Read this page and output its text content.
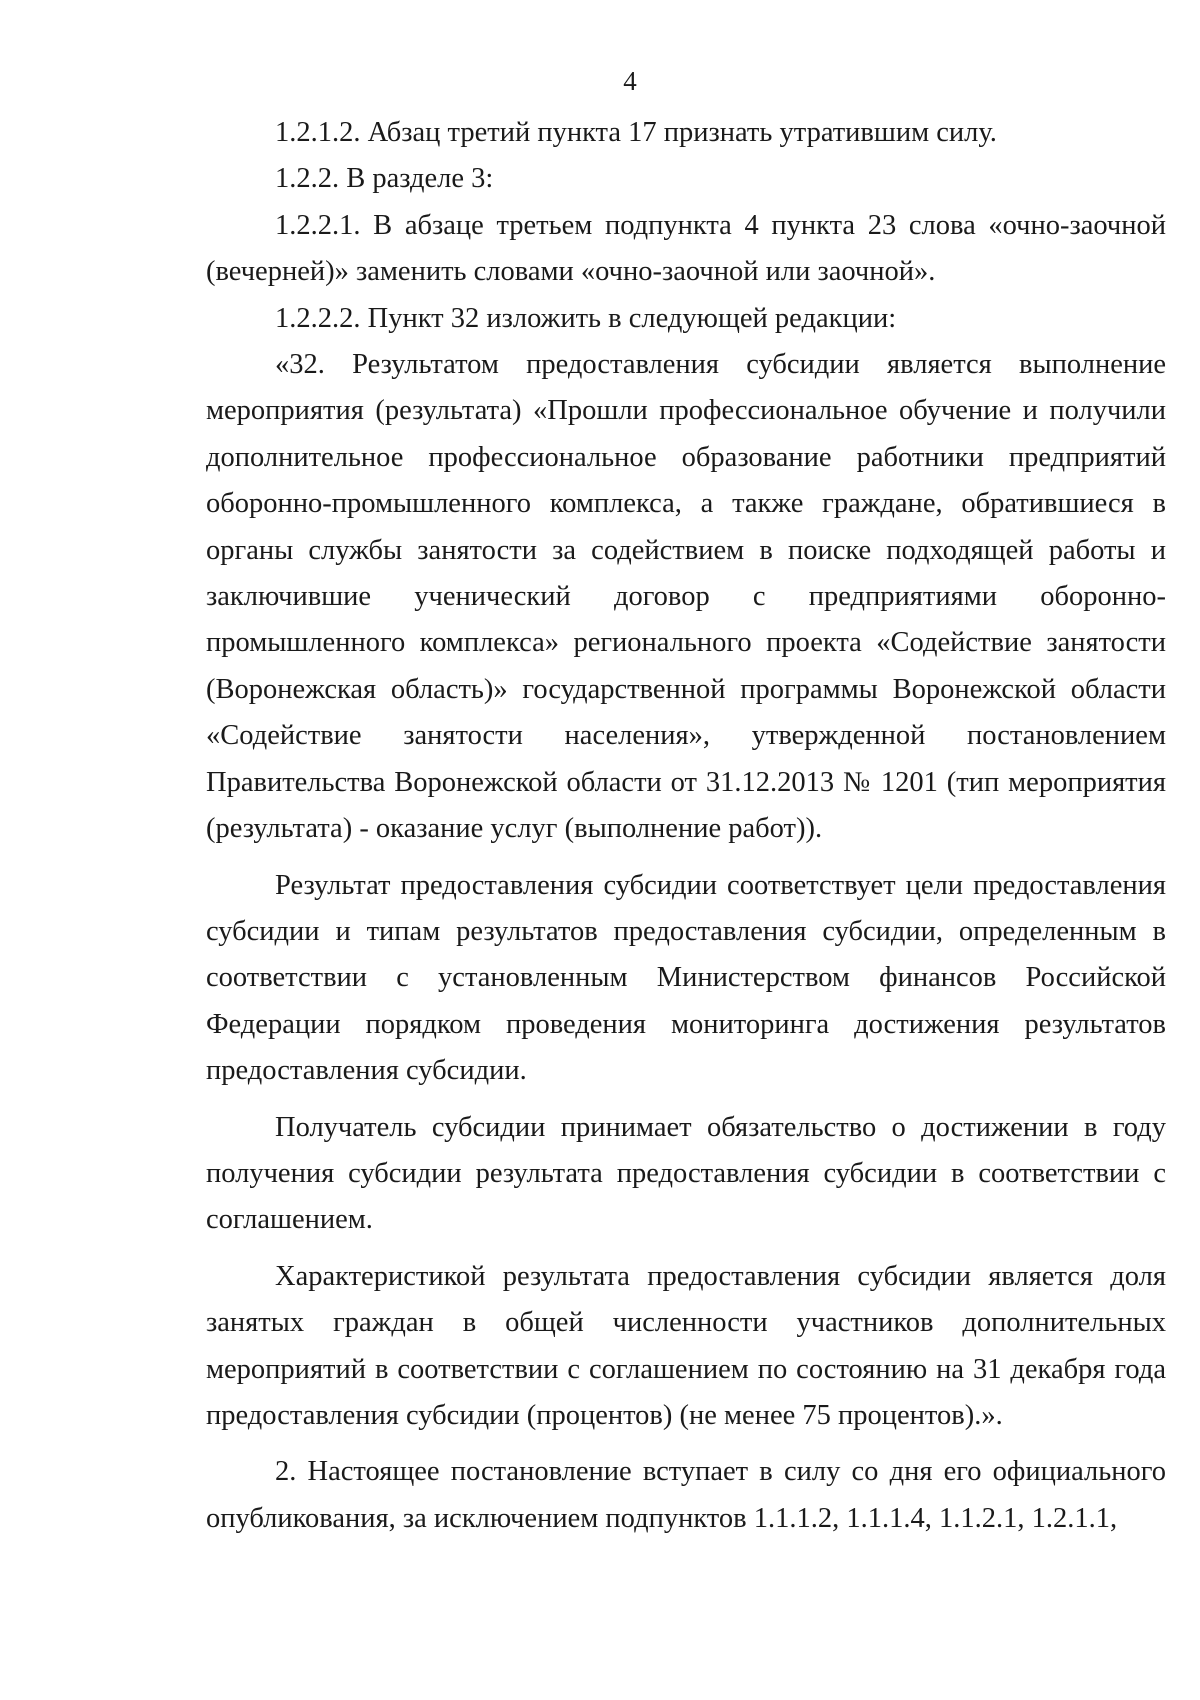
4

1.2.1.2. Абзац третий пункта 17 признать утратившим силу.

1.2.2. В разделе 3:

1.2.2.1. В абзаце третьем подпункта 4 пункта 23 слова «очно-заочной (вечерней)» заменить словами «очно-заочной или заочной».

1.2.2.2. Пункт 32 изложить в следующей редакции:

«32. Результатом предоставления субсидии является выполнение мероприятия (результата) «Прошли профессиональное обучение и получили дополнительное профессиональное образование работники предприятий оборонно-промышленного комплекса, а также граждане, обратившиеся в органы службы занятости за содействием в поиске подходящей работы и заключившие ученический договор с предприятиями оборонно-промышленного комплекса» регионального проекта «Содействие занятости (Воронежская область)» государственной программы Воронежской области «Содействие занятости населения», утвержденной постановлением Правительства Воронежской области от 31.12.2013 № 1201 (тип мероприятия (результата) - оказание услуг (выполнение работ)).

Результат предоставления субсидии соответствует цели предоставления субсидии и типам результатов предоставления субсидии, определенным в соответствии с установленным Министерством финансов Российской Федерации порядком проведения мониторинга достижения результатов предоставления субсидии.

Получатель субсидии принимает обязательство о достижении в году получения субсидии результата предоставления субсидии в соответствии с соглашением.

Характеристикой результата предоставления субсидии является доля занятых граждан в общей численности участников дополнительных мероприятий в соответствии с соглашением по состоянию на 31 декабря года предоставления субсидии (процентов) (не менее 75 процентов).».

2. Настоящее постановление вступает в силу со дня его официального опубликования, за исключением подпунктов 1.1.1.2, 1.1.1.4, 1.1.2.1, 1.2.1.1,
